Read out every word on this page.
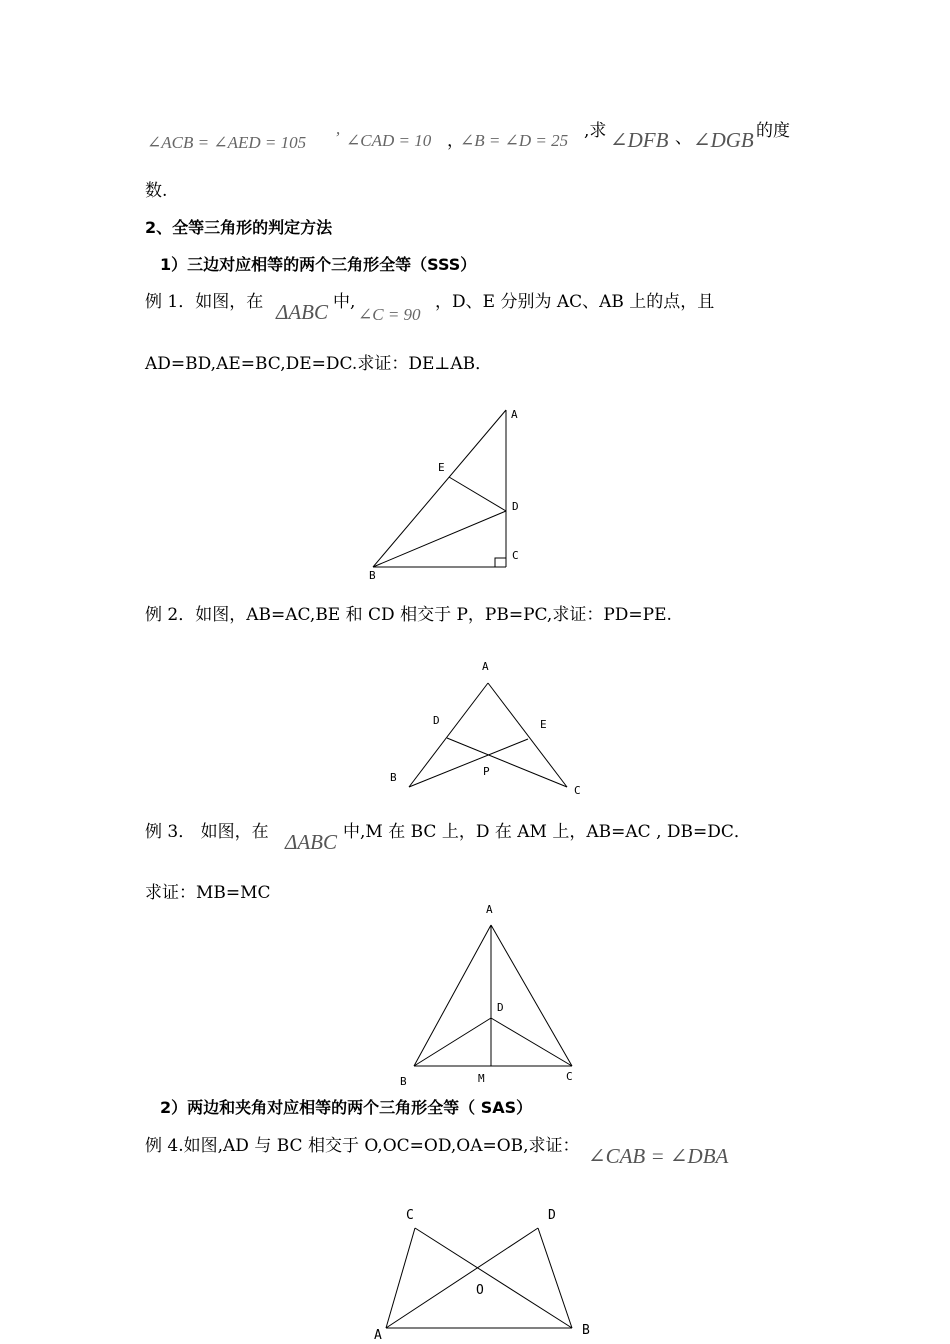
∠ACB = ∠AED = 105 ’ ∠CAD = 10 ，
∠B = ∠D = 25 ,求 ∠DFB 、 ∠DGB 的度
数.
2、全等三角形的判定方法
1）三边对应相等的两个三角形全等（SSS）
例 1．如图，在 ΔABC 中,
∠C = 90
，D、E 分别为 AC、AB 上的点，且
AD=BD,AE=BC,DE=DC.求证：DE⊥AB．
A
E
D
C
B
例 2．如图，AB=AC,BE 和 CD 相交于 P，PB=PC,求证：PD=PE.
A
D	E
B	P
C
例 3． 如图，在 ΔABC 中,M 在 BC 上，D 在 AM 上，AB=AC , DB=DC．
求证：MB=MC
A
D
B	M	C
2）两边和夹角对应相等的两个三角形全等（ SAS）
例 4.如图,AD 与 BC 相交于 O,OC=OD,OA=OB,求证： ∠CAB = ∠DBA
C	D
O
A	B
